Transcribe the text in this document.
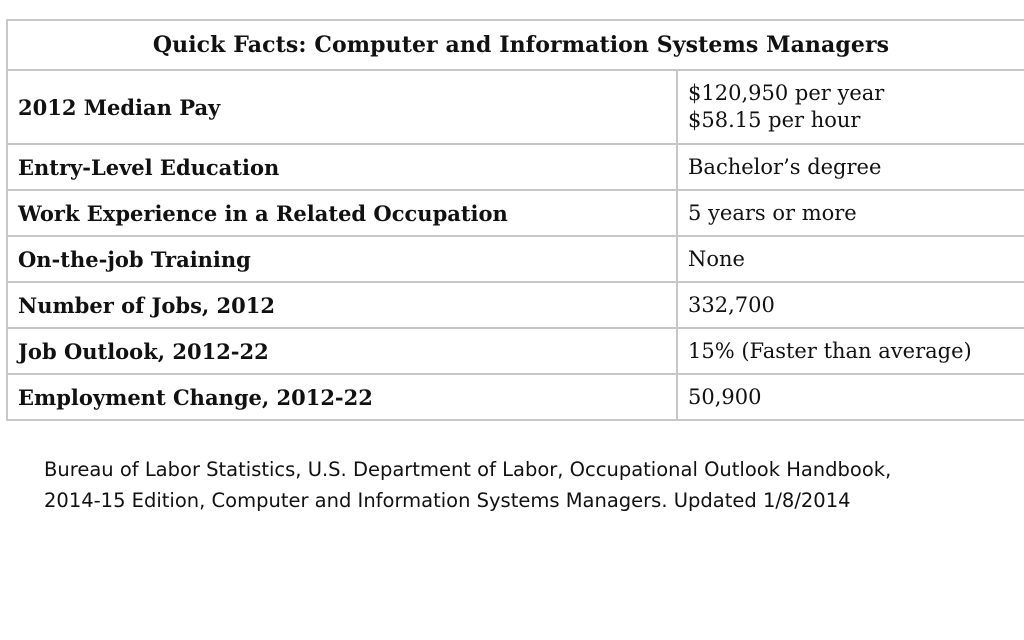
Quick Facts: Computer and Information Systems Managers	
2012 Median Pay	$120,950 per year
$58.15 per hour

Entry-Level Education	Bachelor’s degree
Work Experience in a Related Occupation	5 years or more
On-the-job Training	None
Number of Jobs, 2012	332,700
Job Outlook, 2012-22	15% (Faster than average)
Employment Change, 2012-22	50,900

Bureau of Labor Statistics, U.S. Department of Labor, Occupational Outlook Handbook,
2014-15 Edition, Computer and Information Systems Managers. Updated 1/8/2014
